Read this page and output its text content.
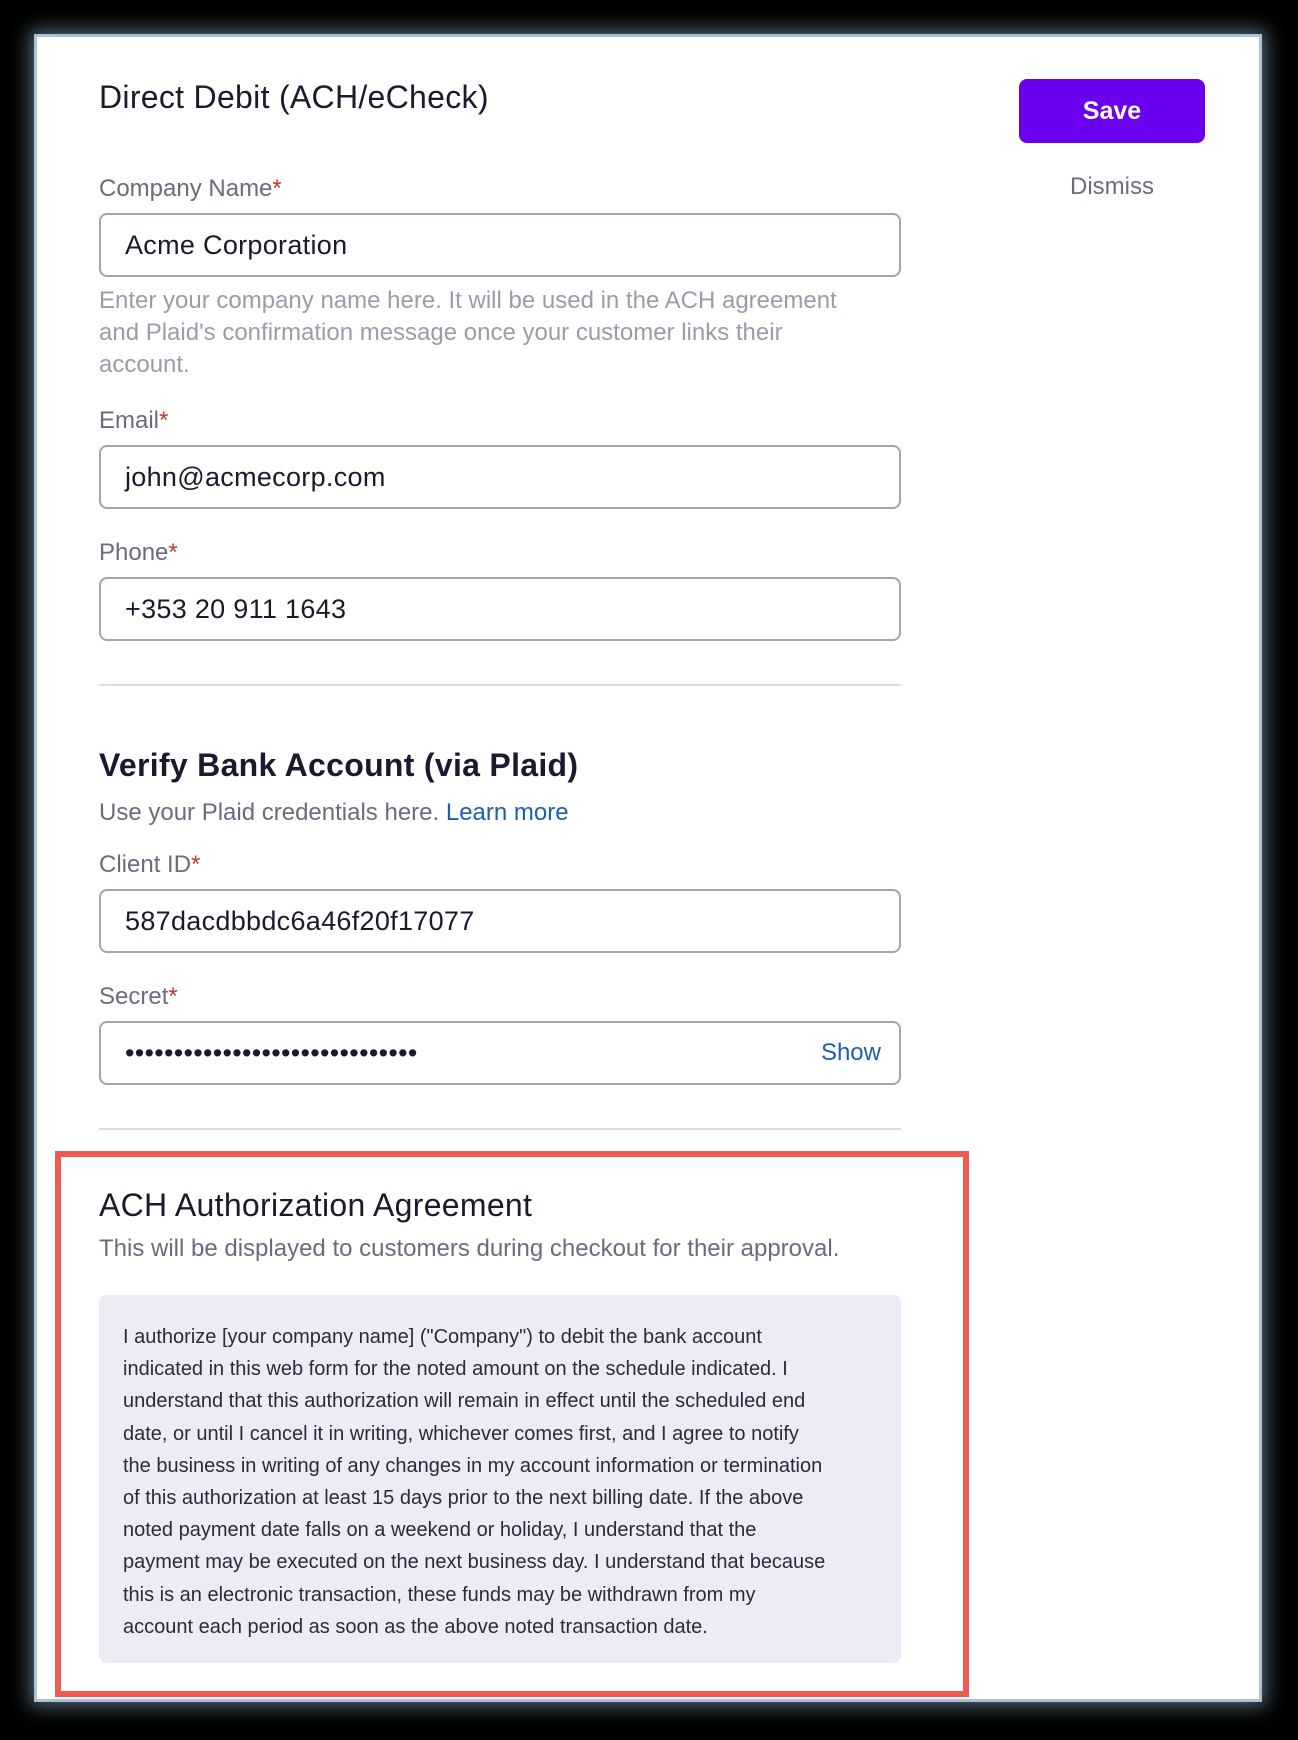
Direct Debit (ACH/eCheck)	Save
Dismiss
Company Name*
Acme Corporation
Enter your company name here. It will be used in the ACH agreement
and Plaid's confirmation message once your customer links their
account.
Email*
john@acmecorp.com
Phone*
+353 20 911 1643
Verify Bank Account (via Plaid)
Use your Plaid credentials here. Learn more
Client ID*
587dacdbbdc6a46f20f17077
Secret*
••••••••••••••••••••••••••••••	Show
ACH Authorization Agreement
This will be displayed to customers during checkout for their approval.
I authorize [your company name] ("Company") to debit the bank account
indicated in this web form for the noted amount on the schedule indicated. I
understand that this authorization will remain in effect until the scheduled end
date, or until I cancel it in writing, whichever comes first, and I agree to notify
the business in writing of any changes in my account information or termination
of this authorization at least 15 days prior to the next billing date. If the above
noted payment date falls on a weekend or holiday, I understand that the
payment may be executed on the next business day. I understand that because
this is an electronic transaction, these funds may be withdrawn from my
account each period as soon as the above noted transaction date.
